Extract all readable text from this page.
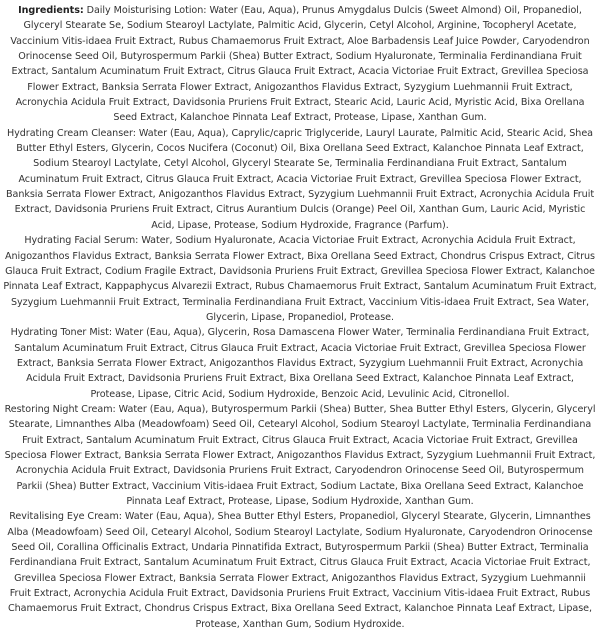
Ingredients: Daily Moisturising Lotion: Water (Eau, Aqua), Prunus Amygdalus Dulcis (Sweet Almond) Oil, Propanediol, Glyceryl Stearate Se, Sodium Stearoyl Lactylate, Palmitic Acid, Glycerin, Cetyl Alcohol, Arginine, Tocopheryl Acetate, Vaccinium Vitis-idaea Fruit Extract, Rubus Chamaemorus Fruit Extract, Aloe Barbadensis Leaf Juice Powder, Caryodendron Orinocense Seed Oil, Butyrospermum Parkii (Shea) Butter Extract, Sodium Hyaluronate, Terminalia Ferdinandiana Fruit Extract, Santalum Acuminatum Fruit Extract, Citrus Glauca Fruit Extract, Acacia Victoriae Fruit Extract, Grevillea Speciosa Flower Extract, Banksia Serrata Flower Extract, Anigozanthos Flavidus Extract, Syzygium Luehmannii Fruit Extract, Acronychia Acidula Fruit Extract, Davidsonia Pruriens Fruit Extract, Stearic Acid, Lauric Acid, Myristic Acid, Bixa Orellana Seed Extract, Kalanchoe Pinnata Leaf Extract, Protease, Lipase, Xanthan Gum.

Hydrating Cream Cleanser: Water (Eau, Aqua), Caprylic/capric Triglyceride, Lauryl Laurate, Palmitic Acid, Stearic Acid, Shea Butter Ethyl Esters, Glycerin, Cocos Nucifera (Coconut) Oil, Bixa Orellana Seed Extract, Kalanchoe Pinnata Leaf Extract, Sodium Stearoyl Lactylate, Cetyl Alcohol, Glyceryl Stearate Se, Terminalia Ferdinandiana Fruit Extract, Santalum Acuminatum Fruit Extract, Citrus Glauca Fruit Extract, Acacia Victoriae Fruit Extract, Grevillea Speciosa Flower Extract, Banksia Serrata Flower Extract, Anigozanthos Flavidus Extract, Syzygium Luehmannii Fruit Extract, Acronychia Acidula Fruit Extract, Davidsonia Pruriens Fruit Extract, Citrus Aurantium Dulcis (Orange) Peel Oil, Xanthan Gum, Lauric Acid, Myristic Acid, Lipase, Protease, Sodium Hydroxide, Fragrance (Parfum).

Hydrating Facial Serum: Water, Sodium Hyaluronate, Acacia Victoriae Fruit Extract, Acronychia Acidula Fruit Extract, Anigozanthos Flavidus Extract, Banksia Serrata Flower Extract, Bixa Orellana Seed Extract, Chondrus Crispus Extract, Citrus Glauca Fruit Extract, Codium Fragile Extract, Davidsonia Pruriens Fruit Extract, Grevillea Speciosa Flower Extract, Kalanchoe Pinnata Leaf Extract, Kappaphycus Alvarezii Extract, Rubus Chamaemorus Fruit Extract, Santalum Acuminatum Fruit Extract, Syzygium Luehmannii Fruit Extract, Terminalia Ferdinandiana Fruit Extract, Vaccinium Vitis-idaea Fruit Extract, Sea Water, Glycerin, Lipase, Propanediol, Protease.

Hydrating Toner Mist: Water (Eau, Aqua), Glycerin, Rosa Damascena Flower Water, Terminalia Ferdinandiana Fruit Extract, Santalum Acuminatum Fruit Extract, Citrus Glauca Fruit Extract, Acacia Victoriae Fruit Extract, Grevillea Speciosa Flower Extract, Banksia Serrata Flower Extract, Anigozanthos Flavidus Extract, Syzygium Luehmannii Fruit Extract, Acronychia Acidula Fruit Extract, Davidsonia Pruriens Fruit Extract, Bixa Orellana Seed Extract, Kalanchoe Pinnata Leaf Extract, Protease, Lipase, Citric Acid, Sodium Hydroxide, Benzoic Acid, Levulinic Acid, Citronellol.

Restoring Night Cream: Water (Eau, Aqua), Butyrospermum Parkii (Shea) Butter, Shea Butter Ethyl Esters, Glycerin, Glyceryl Stearate, Limnanthes Alba (Meadowfoam) Seed Oil, Cetearyl Alcohol, Sodium Stearoyl Lactylate, Terminalia Ferdinandiana Fruit Extract, Santalum Acuminatum Fruit Extract, Citrus Glauca Fruit Extract, Acacia Victoriae Fruit Extract, Grevillea Speciosa Flower Extract, Banksia Serrata Flower Extract, Anigozanthos Flavidus Extract, Syzygium Luehmannii Fruit Extract, Acronychia Acidula Fruit Extract, Davidsonia Pruriens Fruit Extract, Caryodendron Orinocense Seed Oil, Butyrospermum Parkii (Shea) Butter Extract, Vaccinium Vitis-idaea Fruit Extract, Sodium Lactate, Bixa Orellana Seed Extract, Kalanchoe Pinnata Leaf Extract, Protease, Lipase, Sodium Hydroxide, Xanthan Gum.

Revitalising Eye Cream: Water (Eau, Aqua), Shea Butter Ethyl Esters, Propanediol, Glyceryl Stearate, Glycerin, Limnanthes Alba (Meadowfoam) Seed Oil, Cetearyl Alcohol, Sodium Stearoyl Lactylate, Sodium Hyaluronate, Caryodendron Orinocense Seed Oil, Corallina Officinalis Extract, Undaria Pinnatifida Extract, Butyrospermum Parkii (Shea) Butter Extract, Terminalia Ferdinandiana Fruit Extract, Santalum Acuminatum Fruit Extract, Citrus Glauca Fruit Extract, Acacia Victoriae Fruit Extract, Grevillea Speciosa Flower Extract, Banksia Serrata Flower Extract, Anigozanthos Flavidus Extract, Syzygium Luehmannii Fruit Extract, Acronychia Acidula Fruit Extract, Davidsonia Pruriens Fruit Extract, Vaccinium Vitis-idaea Fruit Extract, Rubus Chamaemorus Fruit Extract, Chondrus Crispus Extract, Bixa Orellana Seed Extract, Kalanchoe Pinnata Leaf Extract, Lipase, Protease, Xanthan Gum, Sodium Hydroxide.
